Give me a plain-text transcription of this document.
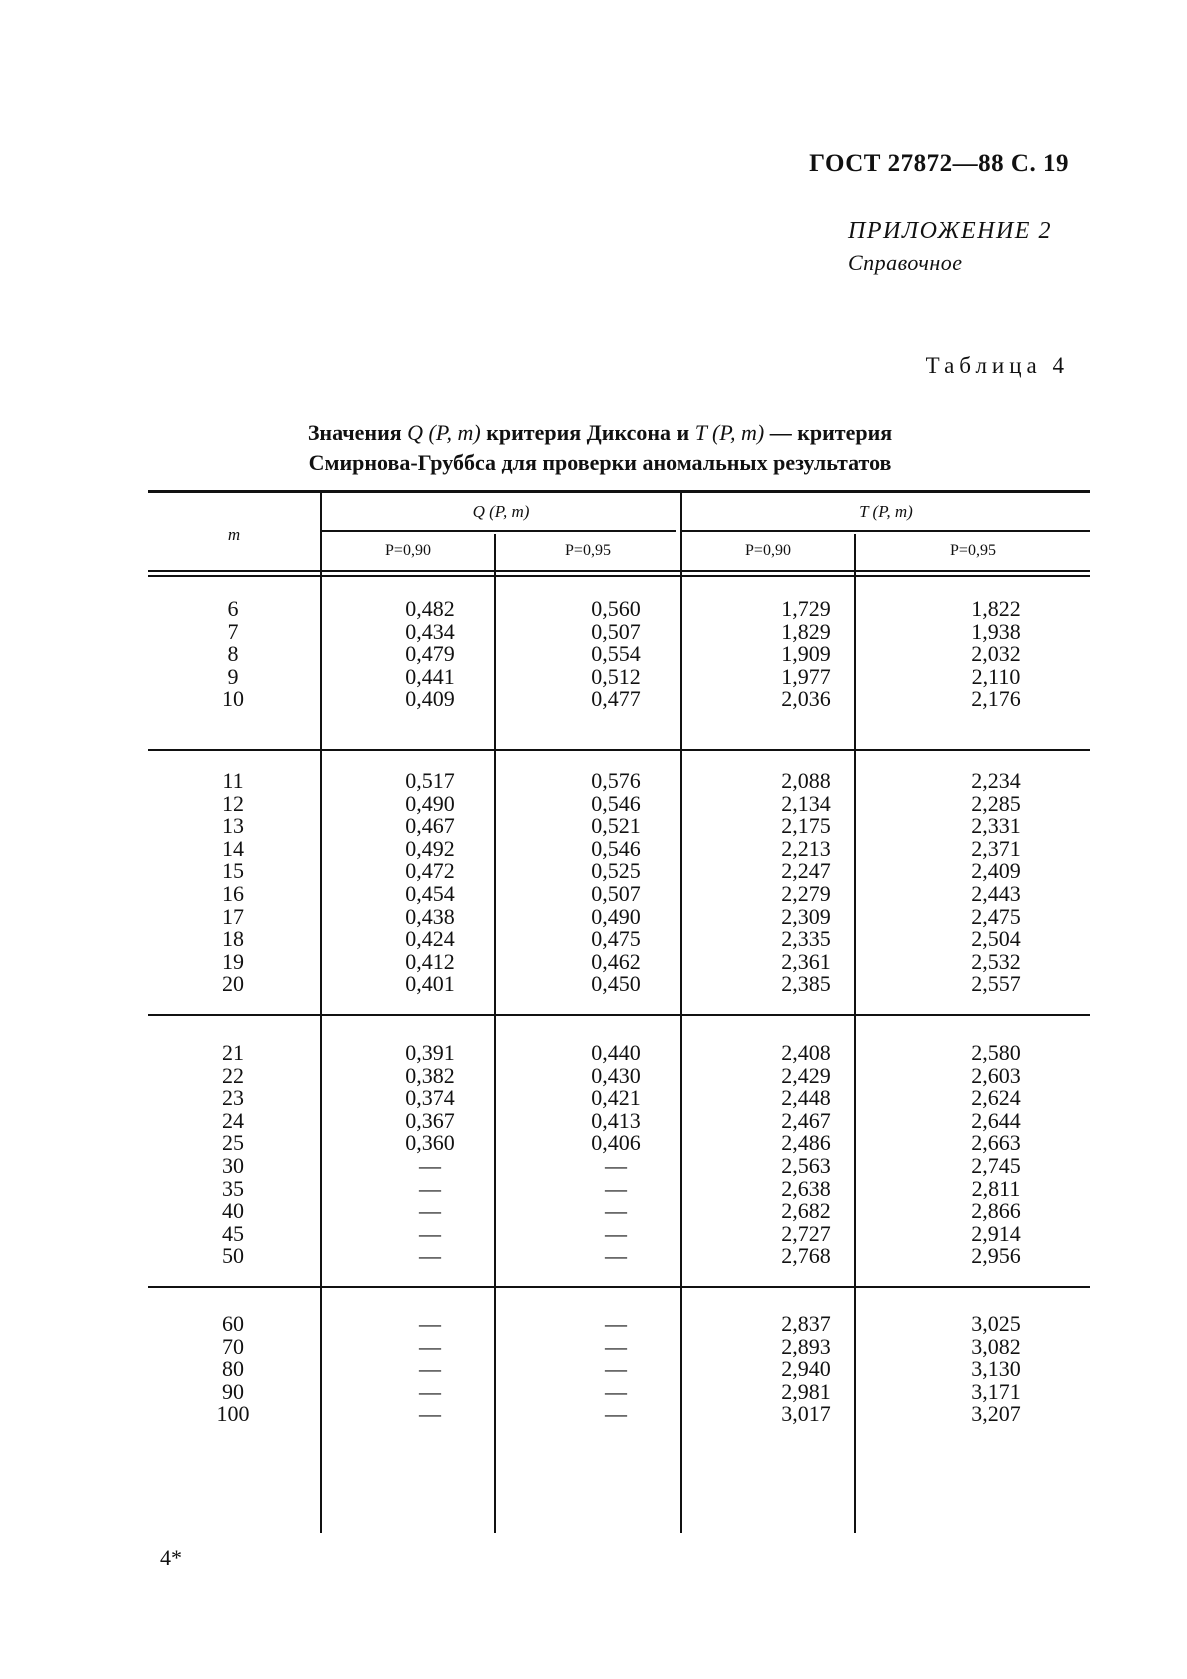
ГОСТ 27872—88 С. 19
ПРИЛОЖЕНИЕ 2
Справочное
Таблица 4
Значения Q (P, m) критерия Диксона и T (P, m) — критерия
Смирнова-Груббса для проверки аномальных результатов
m
Q (P, m)	T (P, m)
P=0,90	P=0,95	P=0,90	P=0,95
6	0,482	0,560	1,729	1,822
7	0,434	0,507	1,829	1,938
8	0,479	0,554	1,909	2,032
9	0,441	0,512	1,977	2,110
10	0,409	0,477	2,036	2,176
11	0,517	0,576	2,088	2,234
12	0,490	0,546	2,134	2,285
13	0,467	0,521	2,175	2,331
14	0,492	0,546	2,213	2,371
15	0,472	0,525	2,247	2,409
16	0,454	0,507	2,279	2,443
17	0,438	0,490	2,309	2,475
18	0,424	0,475	2,335	2,504
19	0,412	0,462	2,361	2,532
20	0,401	0,450	2,385	2,557
21	0,391	0,440	2,408	2,580
22	0,382	0,430	2,429	2,603
23	0,374	0,421	2,448	2,624
24	0,367	0,413	2,467	2,644
25	0,360	0,406	2,486	2,663
30	—	—	2,563	2,745
35	—	—	2,638	2,811
40	—	—	2,682	2,866
45	—	—	2,727	2,914
50	—	—	2,768	2,956
60	—	—	2,837	3,025
70	—	—	2,893	3,082
80	—	—	2,940	3,130
90	—	—	2,981	3,171
100	—	—	3,017	3,207
4*
